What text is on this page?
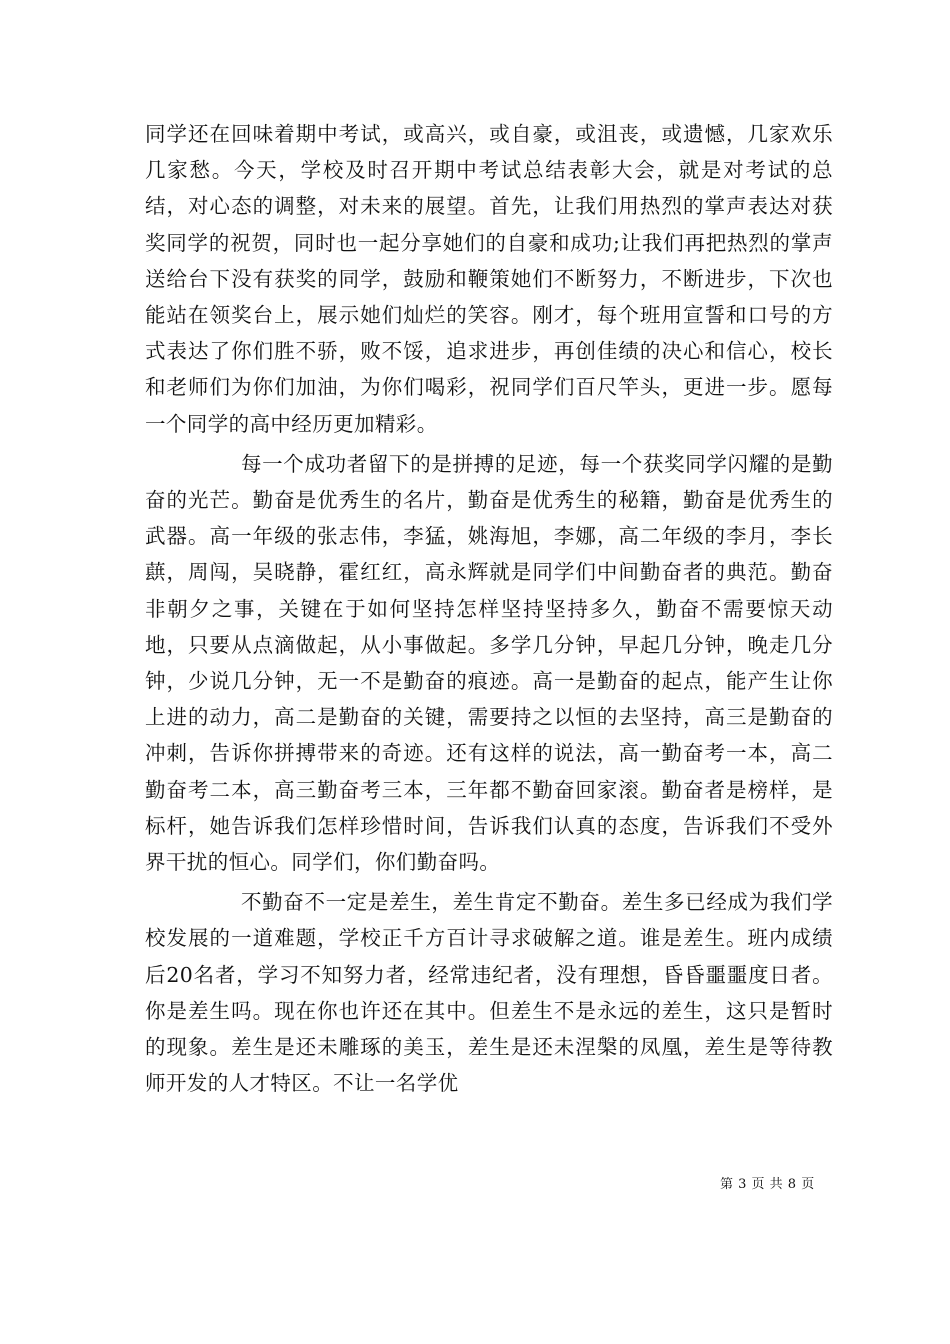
同学还在回味着期中考试，或高兴，或自豪，或沮丧，或遗憾，几家欢乐几家愁。今天，学校及时召开期中考试总结表彰大会，就是对考试的总结，对心态的调整，对未来的展望。首先，让我们用热烈的掌声表达对获奖同学的祝贺，同时也一起分享她们的自豪和成功;让我们再把热烈的掌声送给台下没有获奖的同学，鼓励和鞭策她们不断努力，不断进步，下次也能站在领奖台上，展示她们灿烂的笑容。刚才，每个班用宣誓和口号的方式表达了你们胜不骄，败不馁，追求进步，再创佳绩的决心和信心，校长和老师们为你们加油，为你们喝彩，祝同学们百尺竿头，更进一步。愿每一个同学的高中经历更加精彩。

每一个成功者留下的是拼搏的足迹，每一个获奖同学闪耀的是勤奋的光芒。勤奋是优秀生的名片，勤奋是优秀生的秘籍，勤奋是优秀生的武器。高一年级的张志伟，李猛，姚海旭，李娜，高二年级的李月，李长蕻，周闯，吴晓静，霍红红，高永辉就是同学们中间勤奋者的典范。勤奋非朝夕之事，关键在于如何坚持怎样坚持坚持多久，勤奋不需要惊天动地，只要从点滴做起，从小事做起。多学几分钟，早起几分钟，晚走几分钟，少说几分钟，无一不是勤奋的痕迹。高一是勤奋的起点，能产生让你上进的动力，高二是勤奋的关键，需要持之以恒的去坚持，高三是勤奋的冲刺，告诉你拼搏带来的奇迹。还有这样的说法，高一勤奋考一本，高二勤奋考二本，高三勤奋考三本，三年都不勤奋回家滚。勤奋者是榜样，是标杆，她告诉我们怎样珍惜时间，告诉我们认真的态度，告诉我们不受外界干扰的恒心。同学们，你们勤奋吗。

不勤奋不一定是差生，差生肯定不勤奋。差生多已经成为我们学校发展的一道难题，学校正千方百计寻求破解之道。谁是差生。班内成绩后20名者，学习不知努力者，经常违纪者，没有理想，昏昏噩噩度日者。你是差生吗。现在你也许还在其中。但差生不是永远的差生，这只是暂时的现象。差生是还未雕琢的美玉，差生是还未涅槃的凤凰，差生是等待教师开发的人才特区。不让一名学优

第 3 页 共 8 页
